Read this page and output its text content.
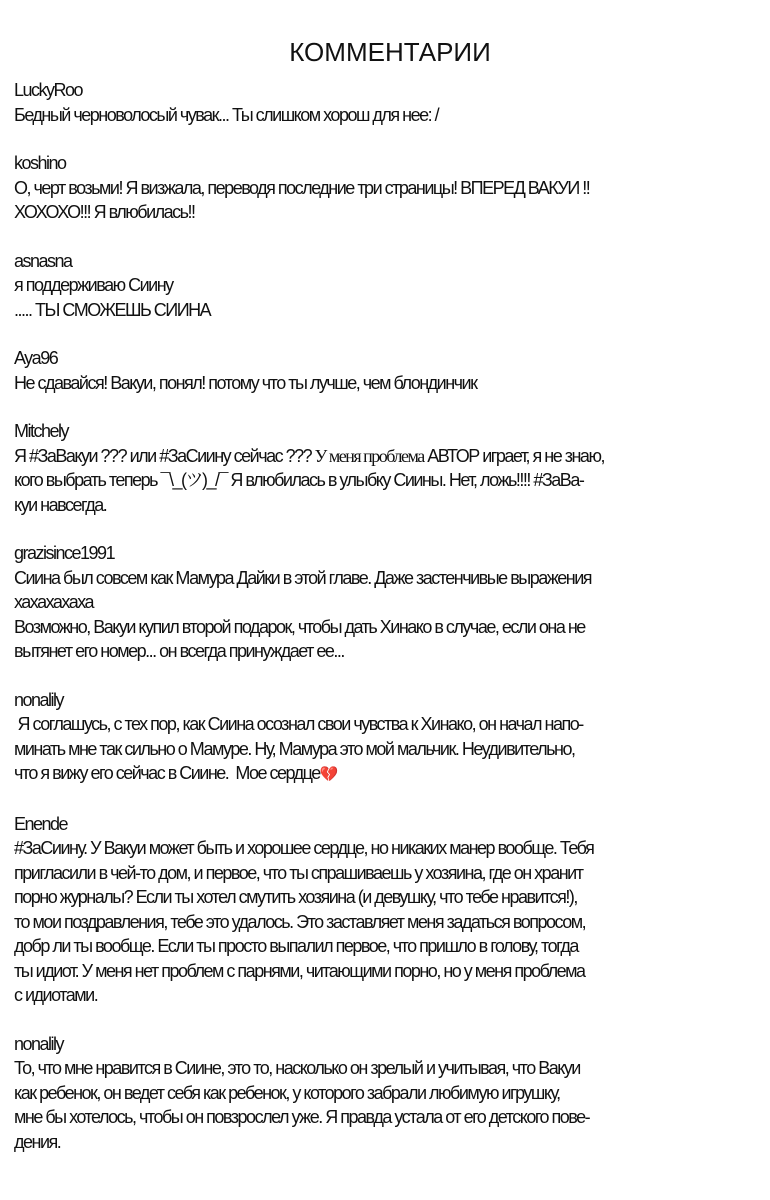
КОММЕНТАРИИ
LuckyRoo
Бедный черноволосый чувак... Ты слишком хорош для нее: /
koshino
О, черт возьми! Я визжала, переводя последние три страницы! ВПЕРЕД ВАКУИ !!
ХОХОХО!!! Я влюбилась!!
asnasna
я поддерживаю Сиину
..... ТЫ СМОЖЕШЬ СИИНА
Aya96
Не сдавайся! Вакуи, понял! потому что ты лучше, чем блондинчик
Mitchely
Я #ЗаВакуи ??? или #ЗаСиину сейчас ??? У меня проблема АВТОР играет, я не знаю,
кого выбрать теперь ¯\_(ツ)_/¯ Я влюбилась в улыбку Сиины. Нет, ложь!!!! #ЗаВа-
куи навсегда.
grazisince1991
Сиина был совсем как Мамура Дайки в этой главе. Даже застенчивые выражения
хахахахаха
Возможно, Вакуи купил второй подарок, чтобы дать Хинако в случае, если она не
вытянет его номер... он всегда принуждает ее...
nonalily
Я соглашусь, с тех пор, как Сиина осознал свои чувства к Хинако, он начал напо-
минать мне так сильно о Мамуре. Ну, Мамура это мой мальчик. Неудивительно,
что я вижу его сейчас в Сиине.  Мое сердце💔
Enende
#ЗаСиину. У Вакуи может быть и хорошее сердце, но никаких манер вообще. Тебя
пригласили в чей-то дом, и первое, что ты спрашиваешь у хозяина, где он хранит
порно журналы? Если ты хотел смутить хозяина (и девушку, что тебе нравится!),
то мои поздравления, тебе это удалось. Это заставляет меня задаться вопросом,
добр ли ты вообще. Если ты просто выпалил первое, что пришло в голову, тогда
ты идиот. У меня нет проблем с парнями, читающими порно, но у меня проблема
с идиотами.
nonalily
То, что мне нравится в Сиине, это то, насколько он зрелый и учитывая, что Вакуи
как ребенок, он ведет себя как ребенок, у которого забрали любимую игрушку,
мне бы хотелось, чтобы он повзрослел уже. Я правда устала от его детского пове-
дения.
